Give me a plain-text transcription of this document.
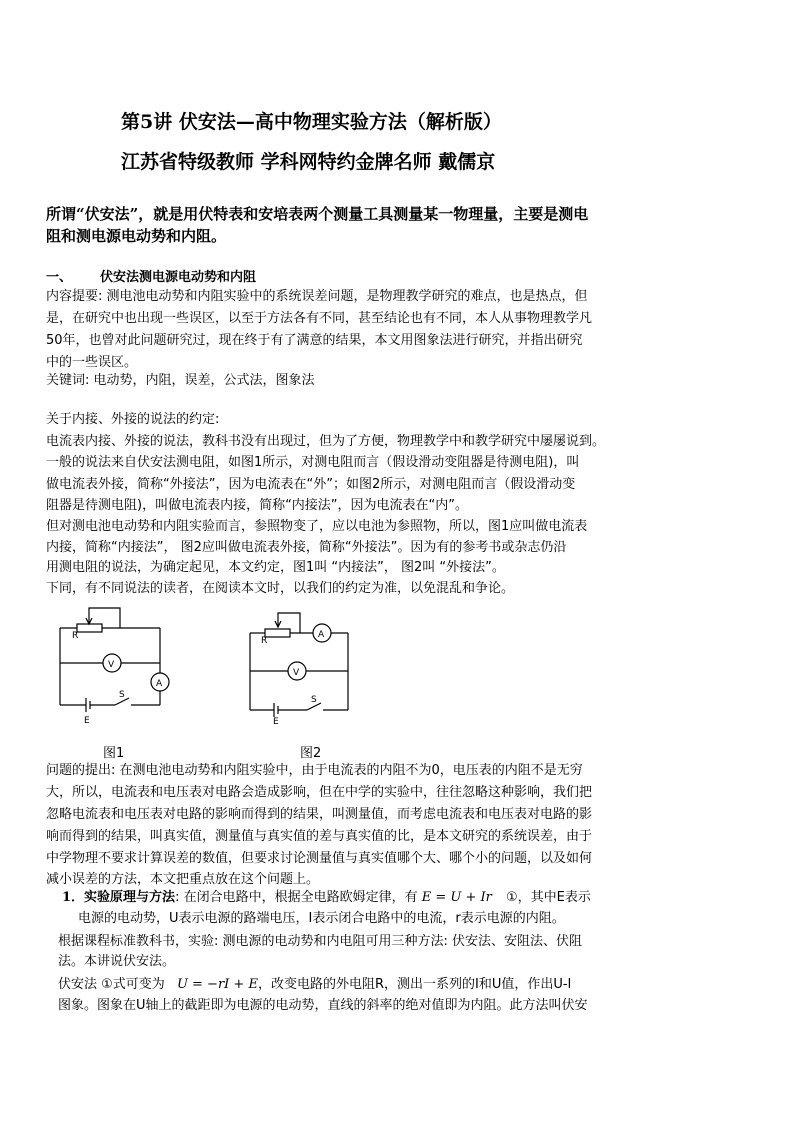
第5讲 伏安法—高中物理实验方法（解析版）
江苏省特级教师 学科网特约金牌名师 戴儒京
所谓“伏安法”，就是用伏特表和安培表两个测量工具测量某一物理量，主要是测电
阻和测电源电动势和内阻。
一、 伏安法测电源电动势和内阻
内容提要: 测电池电动势和内阻实验中的系统误差问题，是物理教学研究的难点，也是热点，但
是，在研究中也出现一些误区，以至于方法各有不同，甚至结论也有不同，本人从事物理教学凡
50年，也曾对此问题研究过，现在终于有了满意的结果，本文用图象法进行研究，并指出研究
中的一些误区。
关键词: 电动势，内阻，误差，公式法，图象法
关于内接、外接的说法的约定:
电流表内接、外接的说法，教科书没有出现过，但为了方便，物理教学中和教学研究中屡屡说到。
一般的说法来自伏安法测电阻，如图1所示，对测电阻而言（假设滑动变阻器是待测电阻)，叫
做电流表外接，简称“外接法”，因为电流表在“外”；如图2所示，对测电阻而言（假设滑动变
阻器是待测电阻)，叫做电流表内接，简称“内接法”，因为电流表在“内”。
但对测电池电动势和内阻实验而言，参照物变了，应以电池为参照物，所以，图1应叫做电流表
内接，简称“内接法”， 图2应叫做电流表外接，简称“外接法”。因为有的参考书或杂志仍沿
用测电阻的说法，为确定起见，本文约定，图1叫 “内接法”， 图2叫 “外接法”。
下同，有不同说法的读者，在阅读本文时，以我们的约定为准，以免混乱和争论。
R
A
V
E
S
A
R
V
E
S
图1	图2
问题的提出: 在测电池电动势和内阻实验中，由于电流表的内阻不为0，电压表的内阻不是无穷
大，所以，电流表和电压表对电路会造成影响，但在中学的实验中，往往忽略这种影响，我们把
忽略电流表和电压表对电路的影响而得到的结果，叫测量值，而考虑电流表和电压表对电路的影
响而得到的结果，叫真实值，测量值与真实值的差与真实值的比，是本文研究的系统误差，由于
中学物理不要求计算误差的数值，但要求讨论测量值与真实值哪个大、哪个小的问题，以及如何
减小误差的方法，本文把重点放在这个问题上。
1．实验原理与方法: 在闭合电路中，根据全电路欧姆定律，有 E = U + Ir ①，其中E表示
电源的电动势，U表示电源的路端电压，I表示闭合电路中的电流，r表示电源的内阻。
根据课程标准教科书，实验: 测电源的电动势和内电阻可用三种方法: 伏安法、安阻法、伏阻
法。本讲说伏安法。
伏安法 ①式可变为 U = −rI + E，改变电路的外电阻R，测出一系列的I和U值，作出U-I
图象。图象在U轴上的截距即为电源的电动势，直线的斜率的绝对值即为内阻。此方法叫伏安
